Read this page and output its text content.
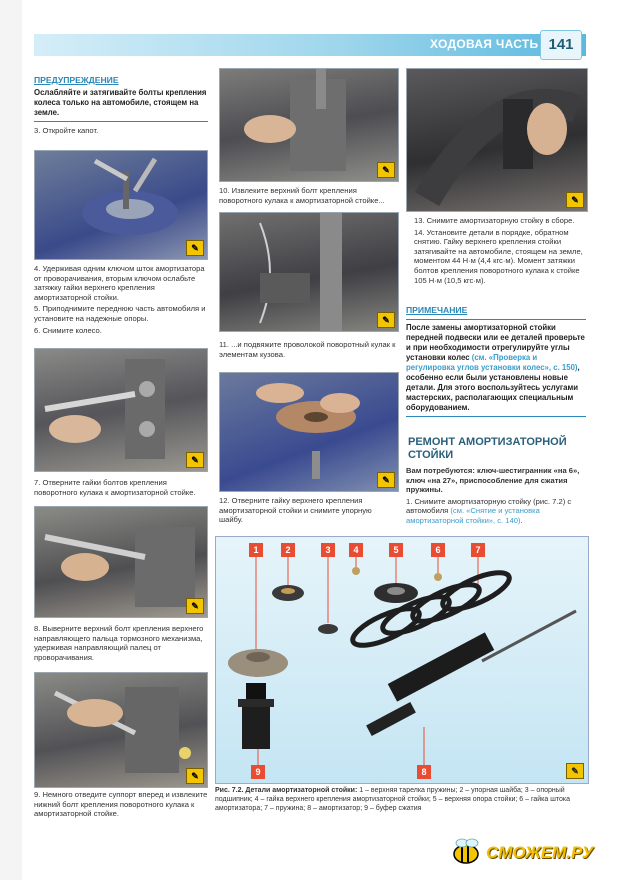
ХОДОВАЯ ЧАСТЬ 141
ПРЕДУПРЕЖДЕНИЕ
Ослабляйте и затягивайте болты крепления колеса только на автомобиле, стоящем на земле.

3. Откройте капот.

✎

4. Удерживая одним ключом шток амортизатора от проворачивания, вторым ключом ослабьте затяжку гайки верхнего крепления амортизаторной стойки.

5. Приподнимите переднюю часть автомобиля и установите на надежные опоры.

6. Снимите колесо.

✎
7. Отверните гайки болтов крепления поворотного кулака к амортизаторной стойке.
✎
8. Выверните верхний болт крепления верхнего направляющего пальца тормозного механизма, удерживая направляющий палец от проворачивания.
✎
9. Немного отведите суппорт вперед и извлеките нижний болт крепления поворотного кулака к амортизаторной стойке.
✎
10. Извлеките верхний болт крепления поворотного кулака к амортизаторной стойке...
✎
11. ...и подвяжите проволокой поворотный кулак к элементам кузова.
✎
12. Отверните гайку верхнего крепления амортизаторной стойки и снимите упорную шайбу.
✎

13. Снимите амортизаторную стойку в сборе.

14. Установите детали в порядке, обратном снятию. Гайку верхнего крепления стойки затягивайте на автомобиле, стоящем на земле, моментом 44 Н·м (4,4 кгс·м). Момент затяжки болтов крепления поворотного кулака к стойке 105 Н·м (10,5 кгс·м).

ПРИМЕЧАНИЕ
После замены амортизаторной стойки передней подвески или ее деталей проверьте и при необходимости отрегулируйте углы установки колес (см. «Проверка и регулировка углов установки колес», с. 150), особенно если были установлены новые детали. Для этого воспользуйтесь услугами мастерских, располагающих специальным оборудованием.
РЕМОНТ АМОРТИЗАТОРНОЙ СТОЙКИ

Вам потребуются: ключ-шестигранник «на 6», ключ «на 27», приспособление для сжатия пружины.

1. Снимите амортизаторную стойку (рис. 7.2) с автомобиля (см. «Снятие и установка амортизаторной стойки», с. 140).

1	2	3	4	5	6	7
8
9	✎
Рис. 7.2. Детали амортизаторной стойки: 1 – верхняя тарелка пружины; 2 – упорная шайба; 3 – опорный подшипник; 4 – гайка верхнего крепления амортизаторной стойки; 5 – верхняя опора стойки; 6 – гайка штока амортизатора; 7 – пружина; 8 – амортизатор; 9 – буфер сжатия
СМОЖЕМ.РУ
